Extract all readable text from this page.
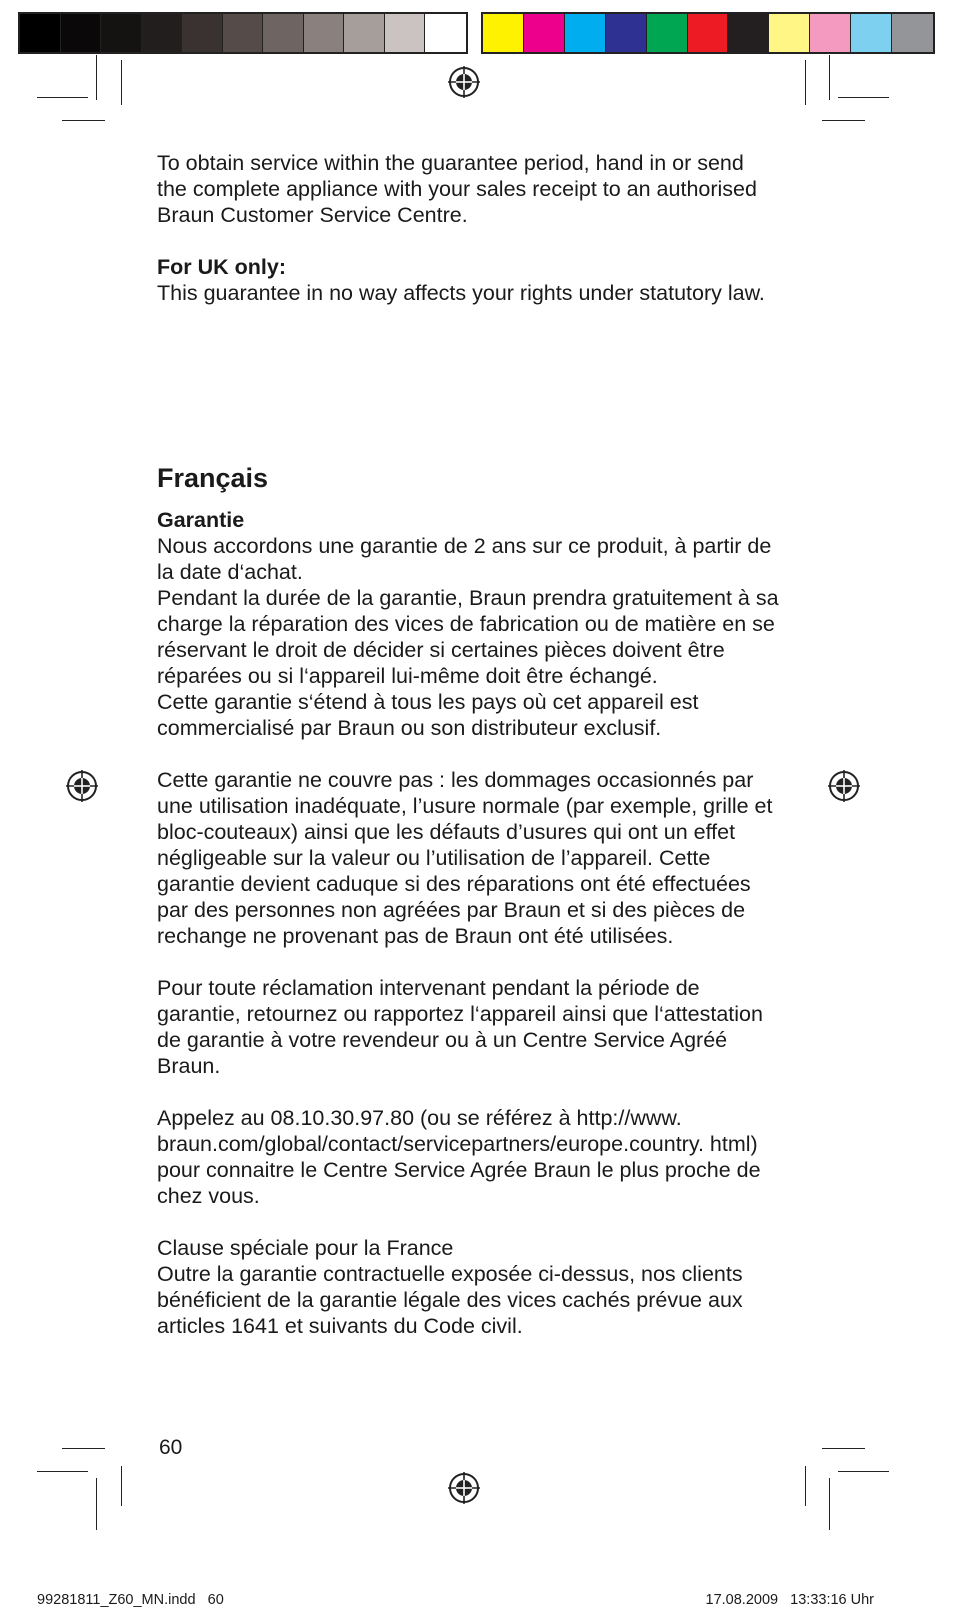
To obtain service within the guarantee period, hand in or send the complete appliance with your sales receipt to an authorised Braun Customer Service Centre.

For UK only:

This guarantee in no way affects your rights under statutory law.

Français

Garantie

Nous accordons une garantie de 2 ans sur ce produit, à partir de la date d‘achat.

Pendant la durée de la garantie, Braun prendra gratuitement à sa charge la réparation des vices de fabrication ou de matière en se réservant le droit de décider si certaines pièces doivent être réparées ou si l‘appareil lui-même doit être échangé.

Cette garantie s‘étend à tous les pays où cet appareil est commercialisé par Braun ou son distributeur exclusif.

Cette garantie ne couvre pas : les dommages occasionnés par une utilisation inadéquate, l’usure normale (par exemple, grille et bloc-couteaux) ainsi que les défauts d’usures qui ont un effet négligeable sur la valeur ou l’utilisation de l’appareil. Cette garantie devient caduque si des réparations ont été effectuées par des personnes non agréées par Braun et si des pièces de rechange ne provenant pas de Braun ont été utilisées.

Pour toute réclamation intervenant pendant la période de garantie, retournez ou rapportez l‘appareil ainsi que l‘attestation de garantie à votre revendeur ou à un Centre Service Agréé Braun.

Appelez au 08.10.30.97.80 (ou se référez à http://www. braun.com/global/contact/servicepartners/europe.country. html) pour connaitre le Centre Service Agrée Braun le plus proche de chez vous.

Clause spéciale pour la France

Outre la garantie contractuelle exposée ci-dessus, nos clients bénéficient de la garantie légale des vices cachés prévue aux articles 1641 et suivants du Code civil.

60
99281811_Z60_MN.indd   60	17.08.2009   13:33:16 Uhr
